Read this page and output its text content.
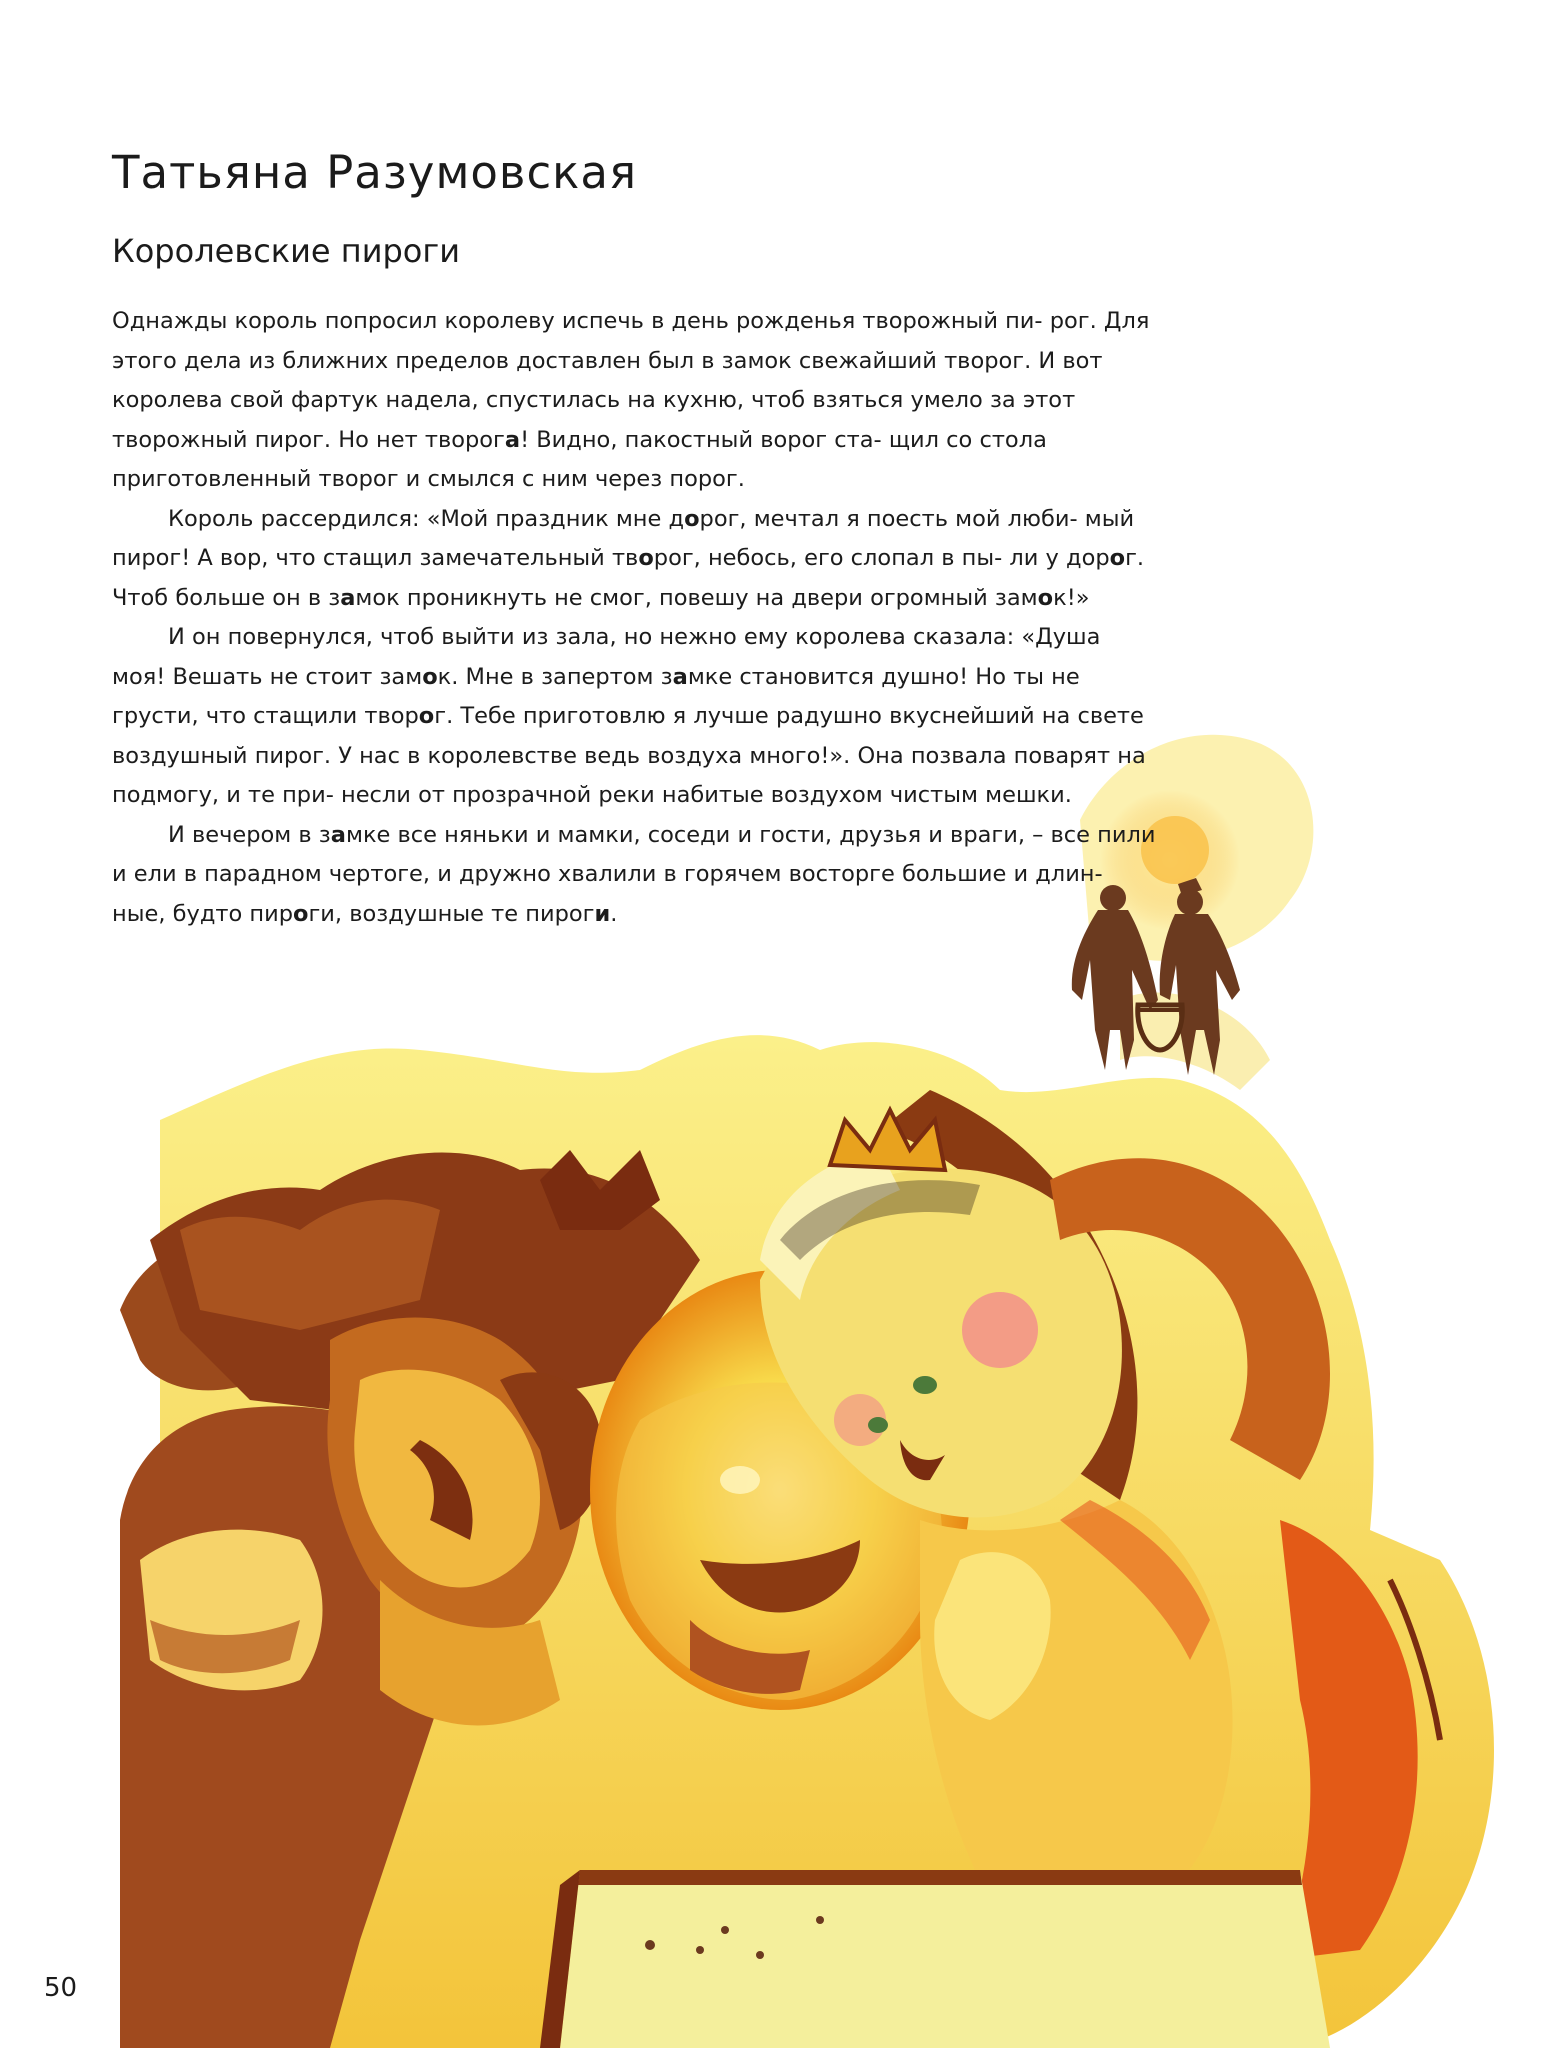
Татьяна Разумовская
Королевские пироги

Однажды король попросил королеву испечь в день рожденья творожный пи- рог. Для этого дела из ближних пределов доставлен был в замок свежайший творог. И вот королева свой фартук надела, спустилась на кухню, чтоб взяться умело за этот творожный пирог. Но нет творога! Видно, пакостный ворог ста- щил со стола приготовленный творог и смылся с ним через порог.

Король рассердился: «Мой праздник мне дорог, мечтал я поесть мой люби- мый пирог! А вор, что стащил замечательный творог, небось, его слопал в пы- ли у дорог. Чтоб больше он в замок проникнуть не смог, повешу на двери огромный замок!»

И он повернулся, чтоб выйти из зала, но нежно ему королева сказала: «Душа моя! Вешать не стоит замок. Мне в запертом замке становится душно! Но ты не грусти, что стащили творог. Тебе приготовлю я лучше радушно вкуснейший на свете воздушный пирог. У нас в королевстве ведь воздуха много!». Она позвала поварят на подмогу, и те при- несли от прозрачной реки набитые воздухом чистым мешки.

И вечером в замке все няньки и мамки, соседи и гости, друзья и враги, – все пили и ели в парадном чертоге, и дружно хвалили в горячем восторге большие и длин- ные, будто пироги, воздушные те пироги.

50
